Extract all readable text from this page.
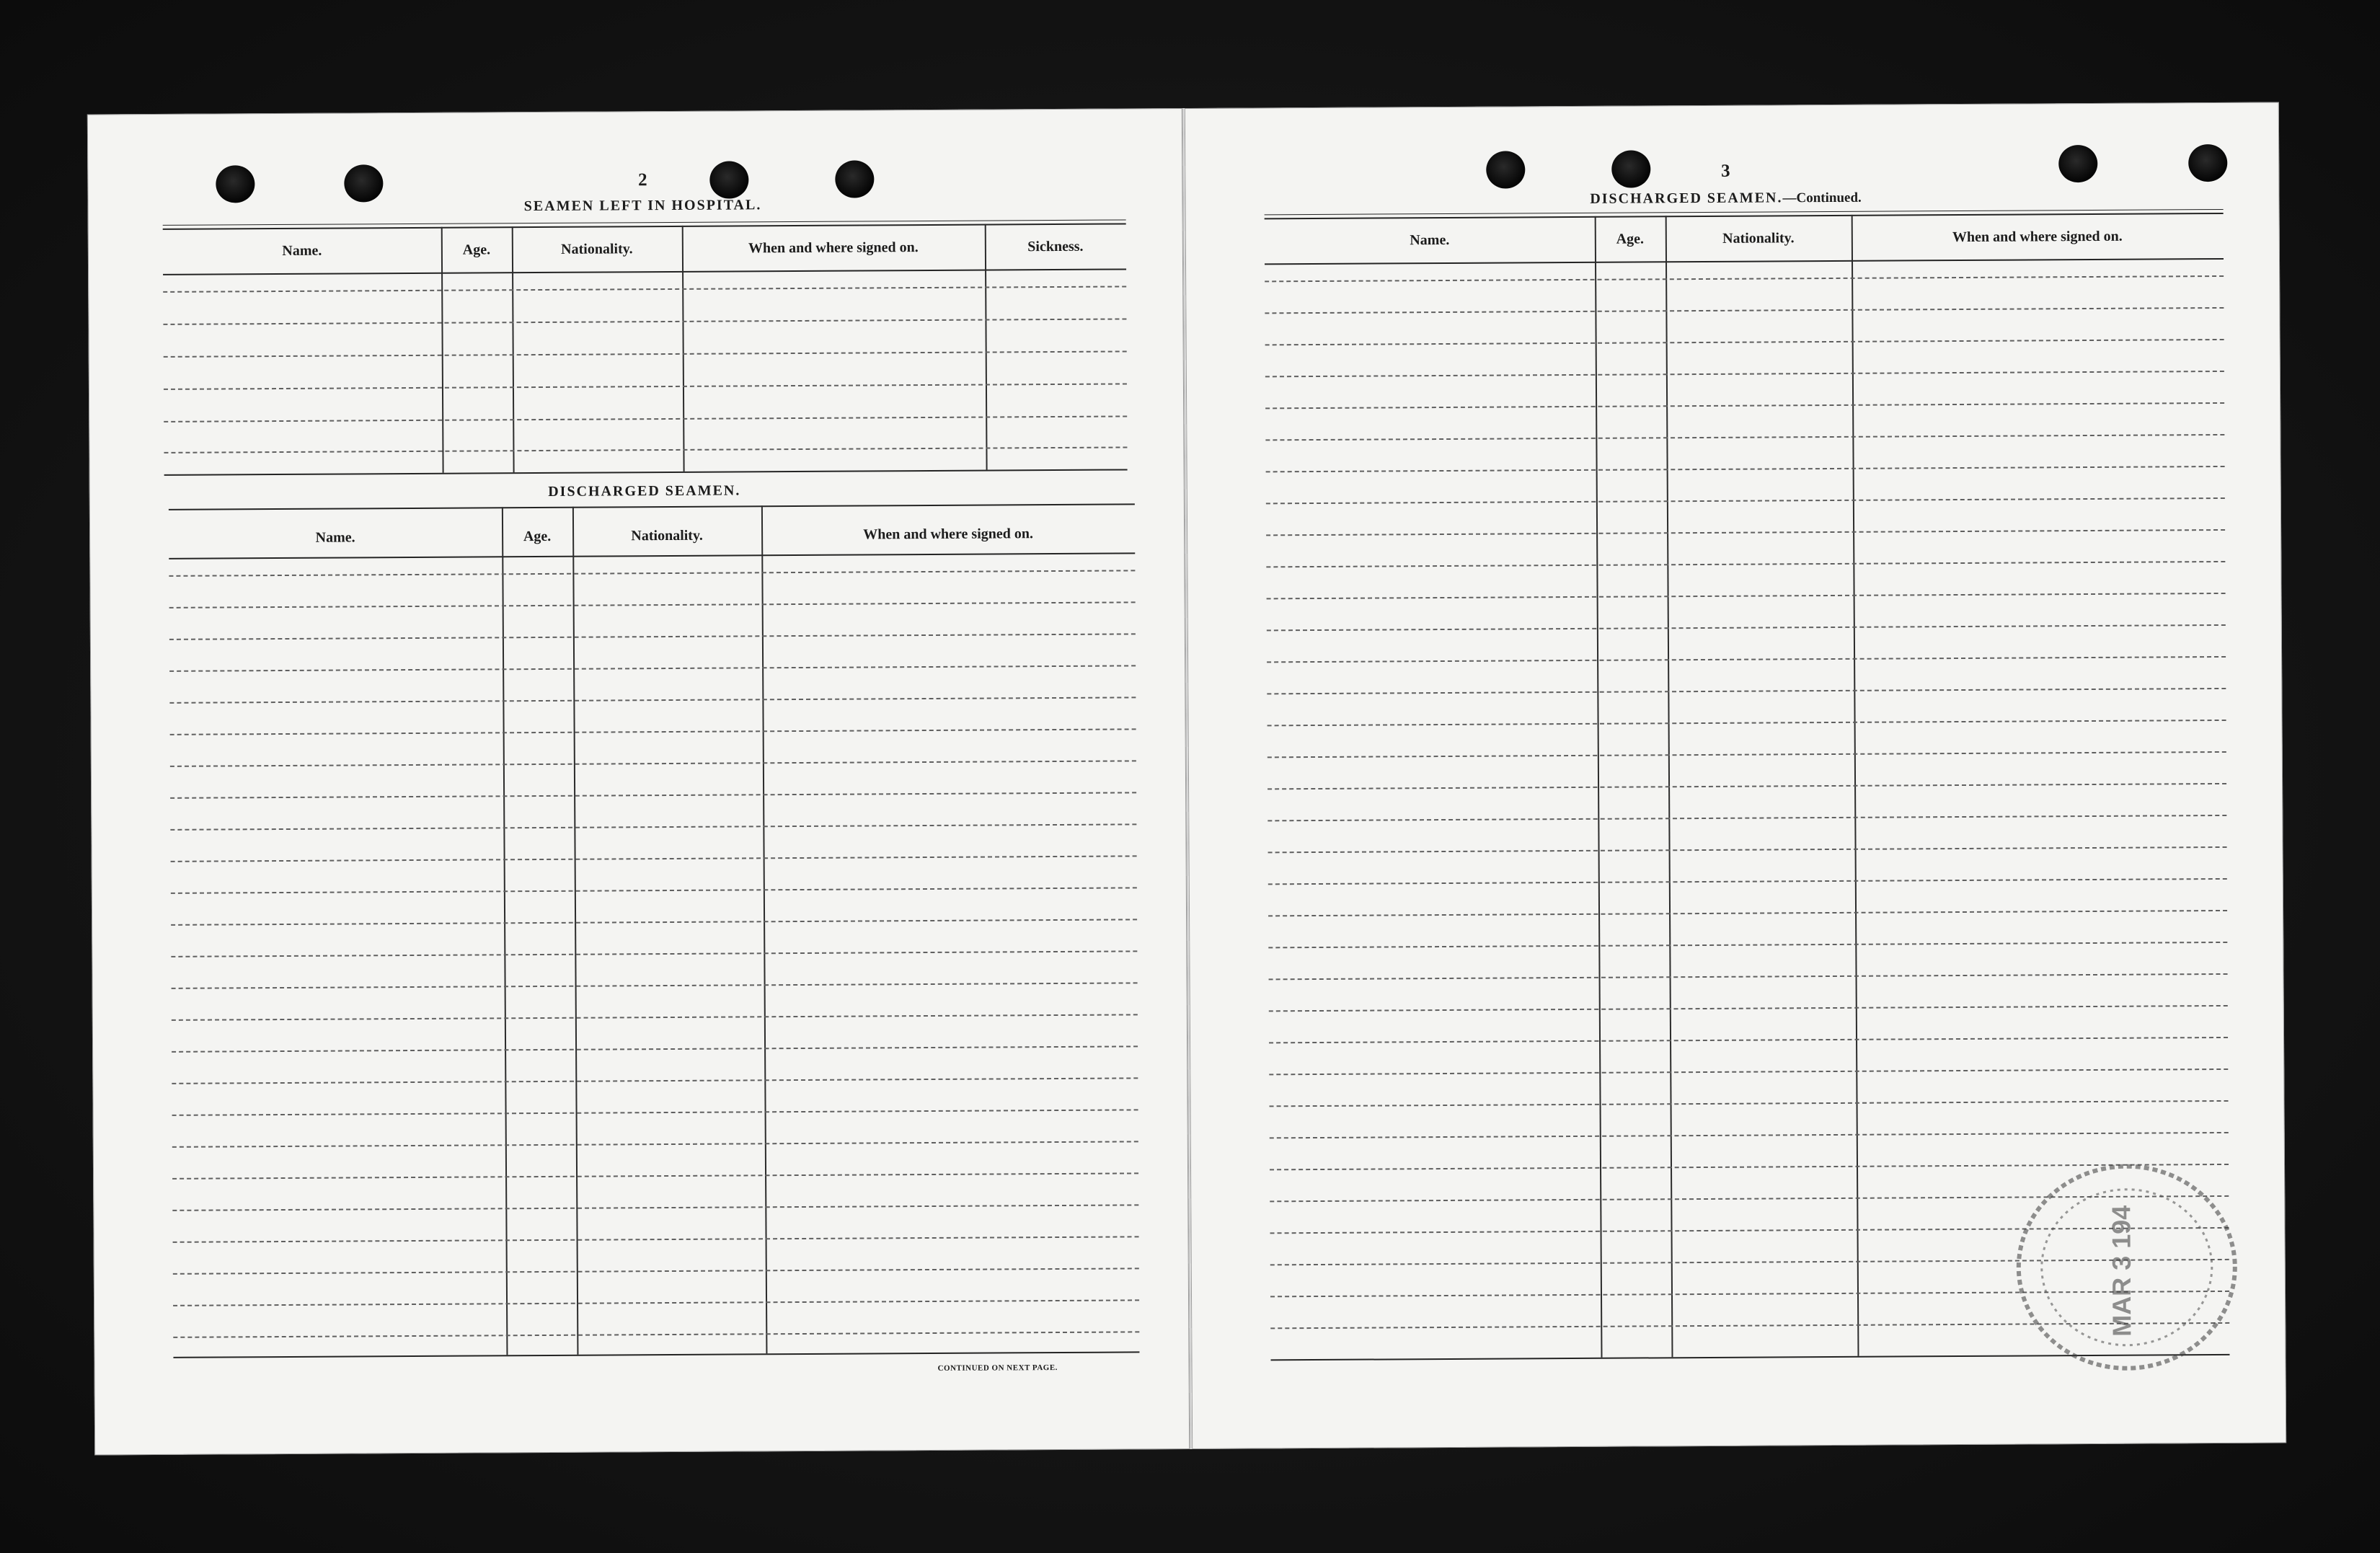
2
SEAMEN LEFT IN HOSPITAL.
Name.	Age.	Nationality.	When and where signed on.	Sickness.
DISCHARGED SEAMEN.
Name.	Age.	Nationality.	When and where signed on.
CONTINUED ON NEXT PAGE.
3
DISCHARGED SEAMEN.—Continued.
Name.	Age.	Nationality.	When and where signed on.
MAR 3 194
